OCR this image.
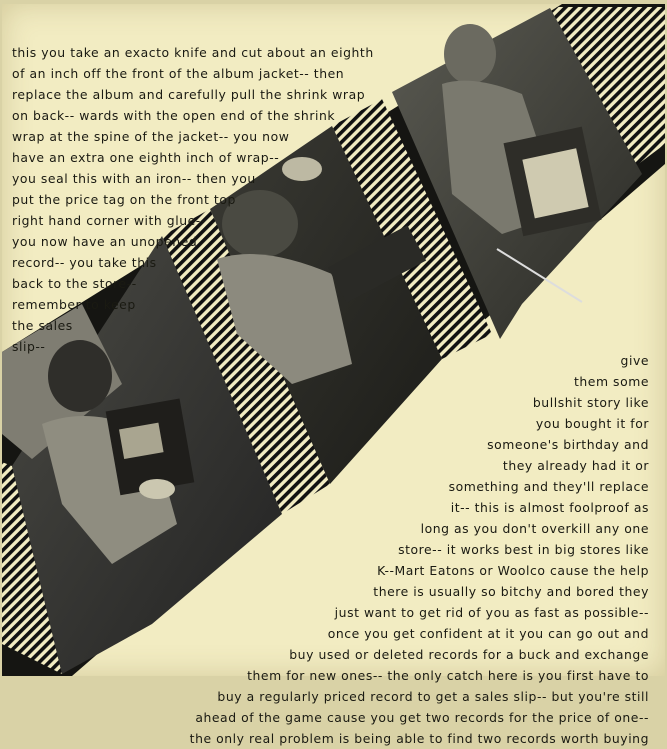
this you take an exacto knife and cut about an eighth
of an inch off the front of the album jacket-- then
replace the album and carefully pull the shrink wrap
on back-- wards with the open end of the shrink
wrap at the spine of the jacket-- you now
have an extra one eighth inch of wrap--
you seal this with an iron-- then you
put the price tag on the front top
right hand corner with glue--
you now have an unopened
record-- you take this
back to the store--
remember to keep
the sales
slip--
give
them some
bullshit story like
you bought it for
someone's birthday and
they already had it or
something and they'll replace
it-- this is almost foolproof as
long as you don't overkill any one
store-- it works best in big stores like
K--Mart Eatons or Woolco cause the help
there is usually so bitchy and bored they
just want to get rid of you as fast as possible--
once you get confident at it you can go out and
buy used or deleted records for a buck and exchange
them for new ones-- the only catch here is you first have to
buy a regularly priced record to get a sales slip-- but you're still
ahead of the game cause you get two records for the price of one--
the only real problem is being able to find two records worth buying
